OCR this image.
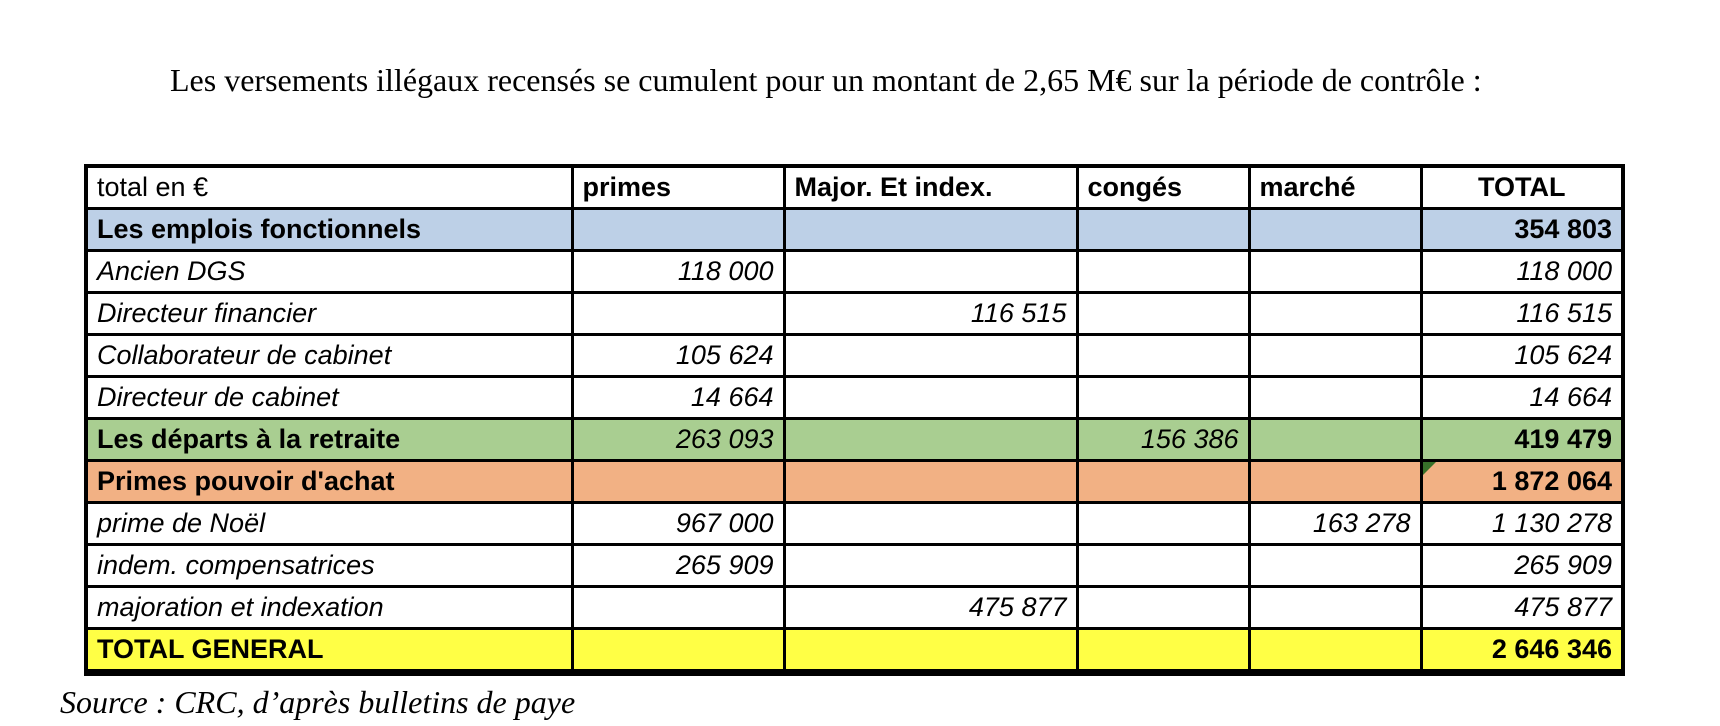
Les versements illégaux recensés se cumulent pour un montant de 2,65 M€ sur la période de contrôle :

total en €	primes	Major. Et index.	congés	marché	TOTAL
Les emplois fonctionnels					354 803
Ancien DGS	118 000				118 000
Directeur financier		116 515			116 515
Collaborateur de cabinet	105 624				105 624
Directeur de cabinet	14 664				14 664
Les départs à la retraite	263 093		156 386		419 479
Primes pouvoir d'achat					1 872 064
prime de Noël	967 000			163 278	1 130 278
indem. compensatrices	265 909				265 909
majoration et indexation		475 877			475 877
TOTAL GENERAL					2 646 346

Source : CRC, d’après bulletins de paye
